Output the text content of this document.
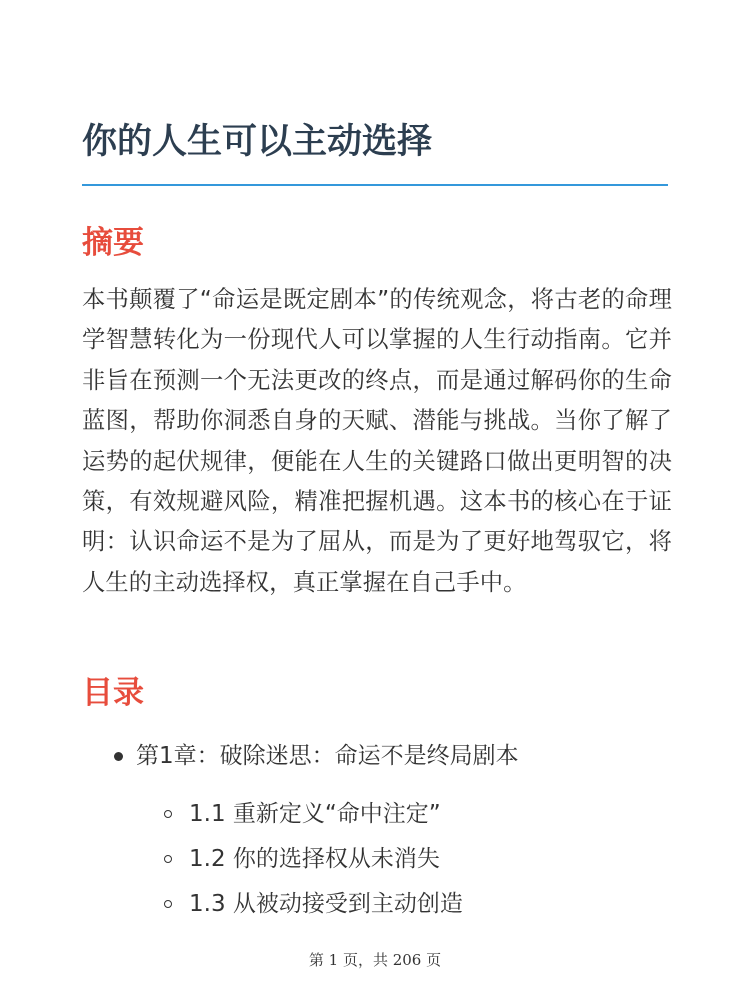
你的人生可以主动选择
摘要

本书颠覆了“命运是既定剧本”的传统观念，将古老的命理学智慧转化为一份现代人可以掌握的人生行动指南。它并非旨在预测一个无法更改的终点，而是通过解码你的生命蓝图，帮助你洞悉自身的天赋、潜能与挑战。当你了解了运势的起伏规律，便能在人生的关键路口做出更明智的决策，有效规避风险，精准把握机遇。这本书的核心在于证明：认识命运不是为了屈从，而是为了更好地驾驭它，将人生的主动选择权，真正掌握在自己手中。

目录
第1章：破除迷思：命运不是终局剧本
1.1 重新定义“命中注定”
1.2 你的选择权从未消失
1.3 从被动接受到主动创造
第 1 页，共 206 页
